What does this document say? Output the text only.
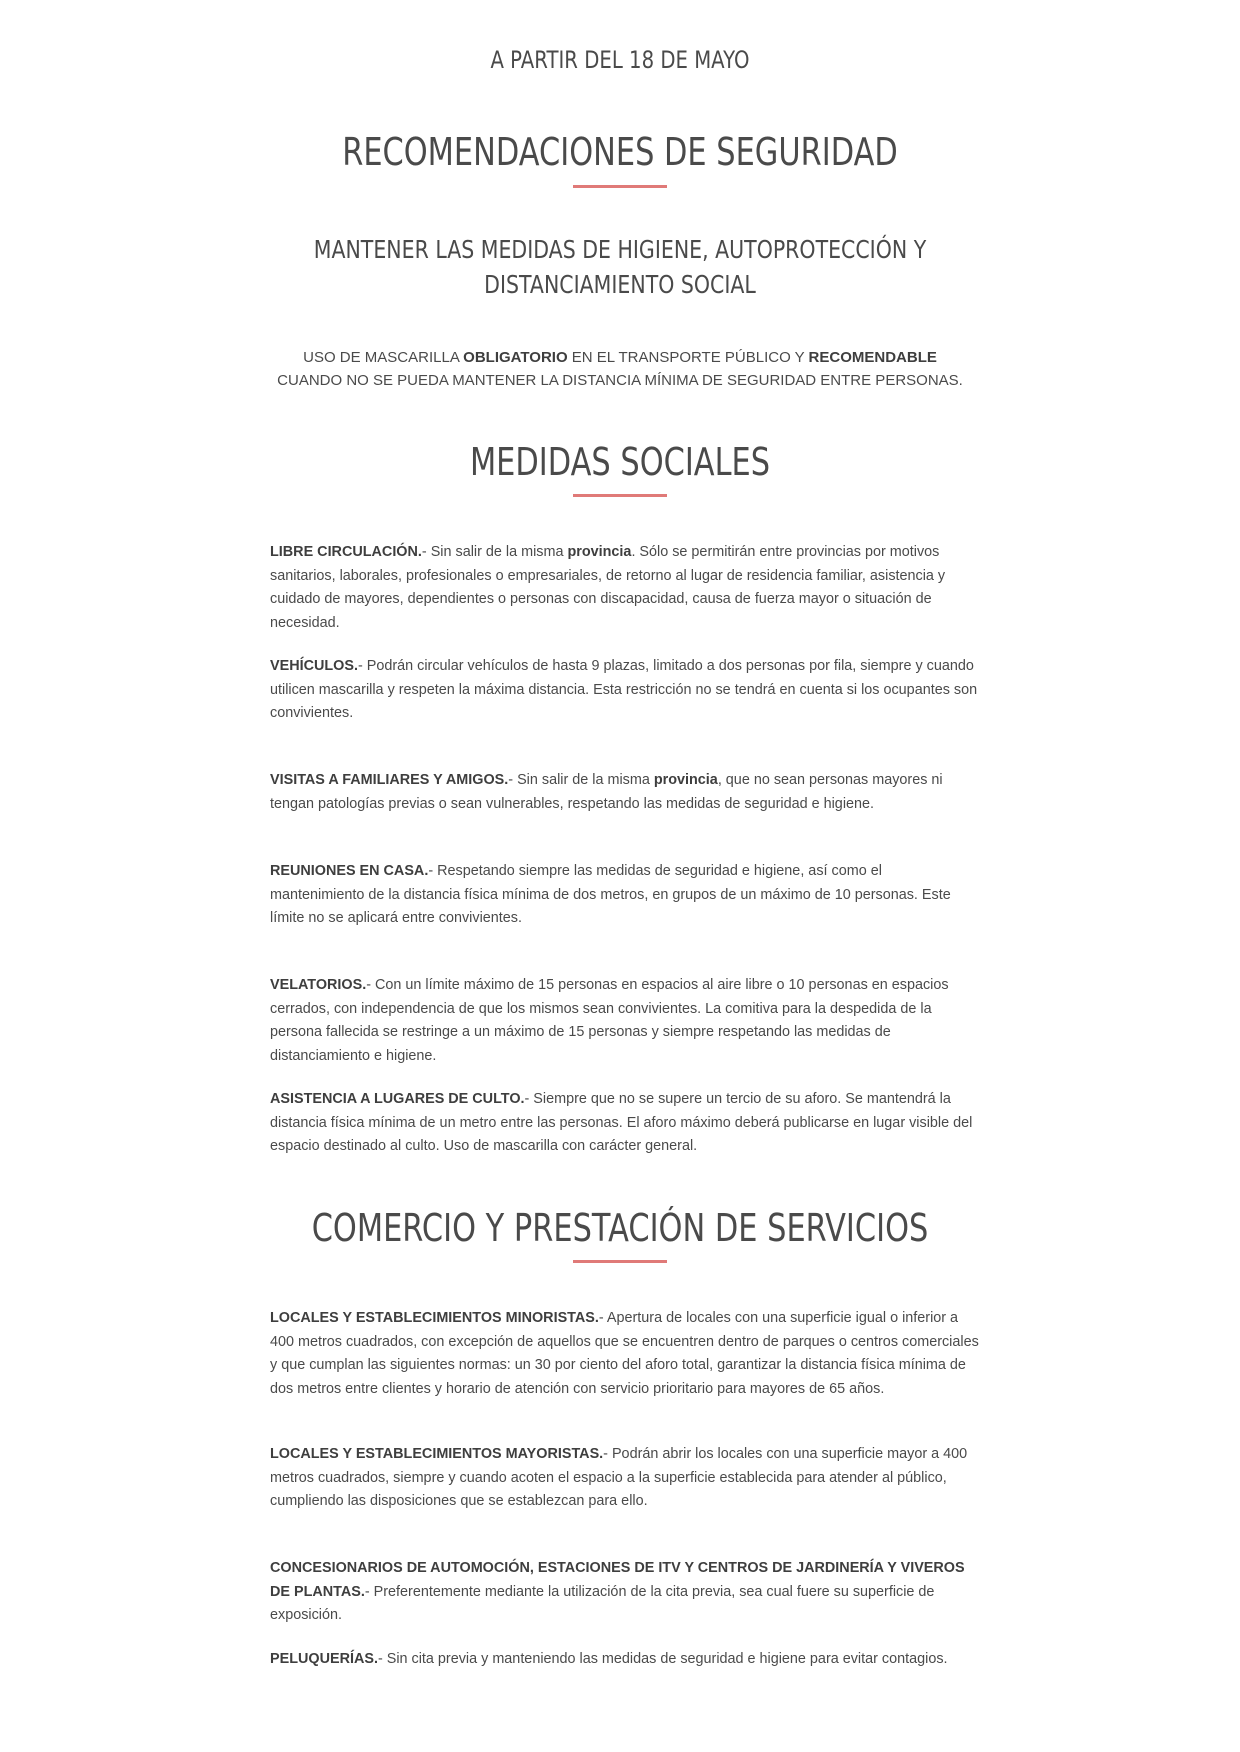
A PARTIR DEL 18 DE MAYO
RECOMENDACIONES DE SEGURIDAD
MANTENER LAS MEDIDAS DE HIGIENE, AUTOPROTECCIÓN Y
DISTANCIAMIENTO SOCIAL
USO DE MASCARILLA OBLIGATORIO EN EL TRANSPORTE PÚBLICO Y RECOMENDABLE CUANDO NO SE PUEDA MANTENER LA DISTANCIA MÍNIMA DE SEGURIDAD ENTRE PERSONAS.
MEDIDAS SOCIALES
LIBRE CIRCULACIÓN.- Sin salir de la misma provincia. Sólo se permitirán entre provincias por motivos sanitarios, laborales, profesionales o empresariales, de retorno al lugar de residencia familiar, asistencia y cuidado de mayores, dependientes o personas con discapacidad, causa de fuerza mayor o situación de necesidad.
VEHÍCULOS.- Podrán circular vehículos de hasta 9 plazas, limitado a dos personas por fila, siempre y cuando utilicen mascarilla y respeten la máxima distancia. Esta restricción no se tendrá en cuenta si los ocupantes son convivientes.
VISITAS A FAMILIARES Y AMIGOS.- Sin salir de la misma provincia, que no sean personas mayores ni tengan patologías previas o sean vulnerables, respetando las medidas de seguridad e higiene.
REUNIONES EN CASA.- Respetando siempre las medidas de seguridad e higiene, así como el mantenimiento de la distancia física mínima de dos metros, en grupos de un máximo de 10 personas. Este límite no se aplicará entre convivientes.
VELATORIOS.- Con un límite máximo de 15 personas en espacios al aire libre o 10 personas en espacios cerrados, con independencia de que los mismos sean convivientes. La comitiva para la despedida de la persona fallecida se restringe a un máximo de 15 personas y siempre respetando las medidas de distanciamiento e higiene.
ASISTENCIA A LUGARES DE CULTO.- Siempre que no se supere un tercio de su aforo. Se mantendrá la distancia física mínima de un metro entre las personas. El aforo máximo deberá publicarse en lugar visible del espacio destinado al culto. Uso de mascarilla con carácter general.
COMERCIO Y PRESTACIÓN DE SERVICIOS
LOCALES Y ESTABLECIMIENTOS MINORISTAS.- Apertura de locales con una superficie igual o inferior a 400 metros cuadrados, con excepción de aquellos que se encuentren dentro de parques o centros comerciales y que cumplan las siguientes normas: un 30 por ciento del aforo total, garantizar la distancia física mínima de dos metros entre clientes y horario de atención con servicio prioritario para mayores de 65 años.
LOCALES Y ESTABLECIMIENTOS MAYORISTAS.- Podrán abrir los locales con una superficie mayor a 400 metros cuadrados, siempre y cuando acoten el espacio a la superficie establecida para atender al público, cumpliendo las disposiciones que se establezcan para ello.
CONCESIONARIOS DE AUTOMOCIÓN, ESTACIONES DE ITV Y CENTROS DE JARDINERÍA Y VIVEROS DE PLANTAS.- Preferentemente mediante la utilización de la cita previa, sea cual fuere su superficie de exposición.
PELUQUERÍAS.- Sin cita previa y manteniendo las medidas de seguridad e higiene para evitar contagios.
